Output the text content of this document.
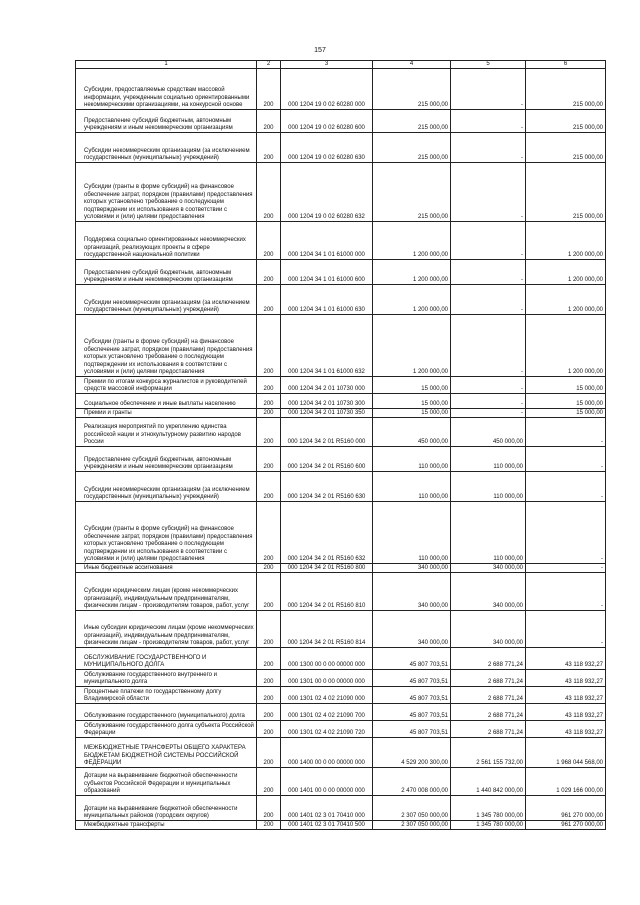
157
1	2	3	4	5	6

Субсидии, предоставляемые средствам массовой информации, учрежденным социально ориентированными некоммерческими организациями, на конкурсной основе	200	000 1204 19 0 02 60280 000	215 000,00	-	215 000,00

Предоставление субсидий бюджетным, автономным учреждениям и иным некоммерческим организациям	200	000 1204 19 0 02 60280 600	215 000,00	-	215 000,00

Субсидии некоммерческим организациям (за исключением государственных (муниципальных) учреждений)	200	000 1204 19 0 02 60280 630	215 000,00	-	215 000,00

Субсидии (гранты в форме субсидий) на финансовое обеспечение затрат, порядком (правилами) предоставления которых установлено требование о последующем подтверждении их использования в соответствии с условиями и (или) целями предоставления	200	000 1204 19 0 02 60280 632	215 000,00	-	215 000,00

Поддержка социально ориентированных некоммерческих организаций, реализующих проекты в сфере государственной национальной политики	200	000 1204 34 1 01 61000 000	1 200 000,00	-	1 200 000,00

Предоставление субсидий бюджетным, автономным учреждениям и иным некоммерческим организациям	200	000 1204 34 1 01 61000 600	1 200 000,00	-	1 200 000,00

Субсидии некоммерческим организациям (за исключением государственных (муниципальных) учреждений)	200	000 1204 34 1 01 61000 630	1 200 000,00	-	1 200 000,00

Субсидии (гранты в форме субсидий) на финансовое обеспечение затрат, порядком (правилами) предоставления которых установлено требование о последующем подтверждении их использования в соответствии с условиями и (или) целями предоставления	200	000 1204 34 1 01 61000 632	1 200 000,00	-	1 200 000,00

Премии по итогам конкурса журналистов и руководителей средств массовой информации	200	000 1204 34 2 01 10730 000	15 000,00	-	15 000,00

Социальное обеспечение и иные выплаты населению	200	000 1204 34 2 01 10730 300	15 000,00	-	15 000,00

Премии и гранты	200	000 1204 34 2 01 10730 350	15 000,00	-	15 000,00

Реализация мероприятий по укреплению единства российской нации и этнокультурному развитию народов России	200	000 1204 34 2 01 R5160 000	450 000,00	450 000,00	-

Предоставление субсидий бюджетным, автономным учреждениям и иным некоммерческим организациям	200	000 1204 34 2 01 R5160 600	110 000,00	110 000,00	-

Субсидии некоммерческим организациям (за исключением государственных (муниципальных) учреждений)	200	000 1204 34 2 01 R5160 630	110 000,00	110 000,00	-

Субсидии (гранты в форме субсидий) на финансовое обеспечение затрат, порядком (правилами) предоставления которых установлено требование о последующем подтверждении их использования в соответствии с условиями и (или) целями предоставления	200	000 1204 34 2 01 R5160 632	110 000,00	110 000,00	-

Иные бюджетные ассигнования	200	000 1204 34 2 01 R5160 800	340 000,00	340 000,00	-

Субсидии юридическим лицам (кроме некоммерческих организаций), индивидуальным предпринимателям, физическим лицам - производителям товаров, работ, услуг	200	000 1204 34 2 01 R5160 810	340 000,00	340 000,00	-

Иные субсидии юридическим лицам (кроме некоммерческих организаций), индивидуальным предпринимателям, физическим лицам - производителям товаров, работ, услуг	200	000 1204 34 2 01 R5160 814	340 000,00	340 000,00	-

ОБСЛУЖИВАНИЕ ГОСУДАРСТВЕННОГО И МУНИЦИПАЛЬНОГО ДОЛГА	200	000 1300 00 0 00 00000 000	45 807 703,51	2 688 771,24	43 118 932,27

Обслуживание государственного внутреннего и муниципального долга	200	000 1301 00 0 00 00000 000	45 807 703,51	2 688 771,24	43 118 932,27

Процентные платежи по государственному долгу Владимирской области	200	000 1301 02 4 02 21090 000	45 807 703,51	2 688 771,24	43 118 932,27

Обслуживание государственного (муниципального) долга	200	000 1301 02 4 02 21090 700	45 807 703,51	2 688 771,24	43 118 932,27

Обслуживание государственного долга субъекта Российской Федерации	200	000 1301 02 4 02 21090 720	45 807 703,51	2 688 771,24	43 118 932,27

МЕЖБЮДЖЕТНЫЕ ТРАНСФЕРТЫ ОБЩЕГО ХАРАКТЕРА БЮДЖЕТАМ БЮДЖЕТНОЙ СИСТЕМЫ РОССИЙСКОЙ ФЕДЕРАЦИИ	200	000 1400 00 0 00 00000 000	4 529 200 300,00	2 561 155 732,00	1 968 044 568,00

Дотации на выравнивание бюджетной обеспеченности субъектов Российской Федерации и муниципальных образований	200	000 1401 00 0 00 00000 000	2 470 008 000,00	1 440 842 000,00	1 029 166 000,00

Дотации на выравнивание бюджетной обеспеченности муниципальных районов (городских округов)	200	000 1401 02 3 01 70410 000	2 307 050 000,00	1 345 780 000,00	961 270 000,00

Межбюджетные трансферты	200	000 1401 02 3 01 70410 500	2 307 050 000,00	1 345 780 000,00	961 270 000,00
